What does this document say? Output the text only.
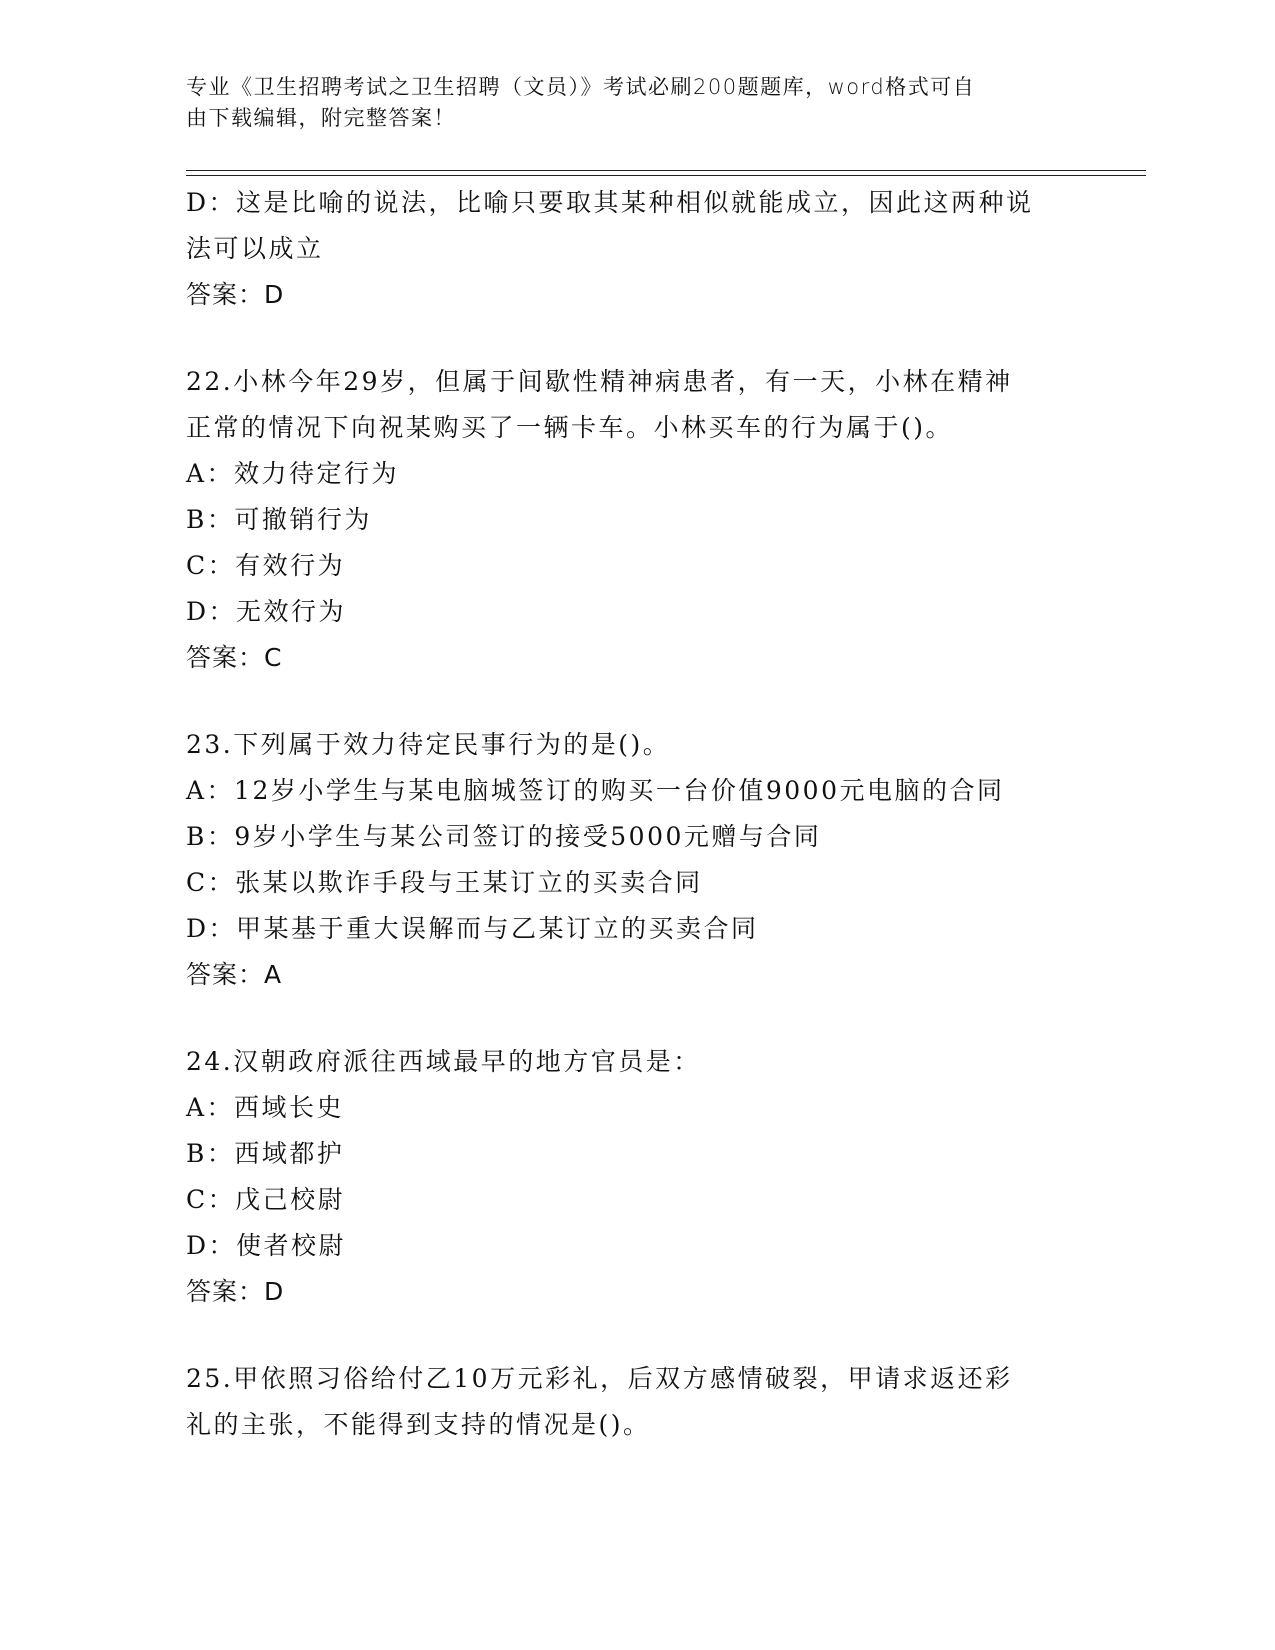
专业《卫生招聘考试之卫生招聘（文员）》考试必刷200题题库，word格式可自
由下载编辑，附完整答案！
D：这是比喻的说法，比喻只要取其某种相似就能成立，因此这两种说
法可以成立
答案：D
22.小林今年29岁，但属于间歇性精神病患者，有一天，小林在精神
正常的情况下向祝某购买了一辆卡车。小林买车的行为属于()。
A：效力待定行为
B：可撤销行为
C：有效行为
D：无效行为
答案：C
23.下列属于效力待定民事行为的是()。
A：12岁小学生与某电脑城签订的购买一台价值9000元电脑的合同
B：9岁小学生与某公司签订的接受5000元赠与合同
C：张某以欺诈手段与王某订立的买卖合同
D：甲某基于重大误解而与乙某订立的买卖合同
答案：A
24.汉朝政府派往西域最早的地方官员是：
A：西域长史
B：西域都护
C：戊己校尉
D：使者校尉
答案：D
25.甲依照习俗给付乙10万元彩礼，后双方感情破裂，甲请求返还彩
礼的主张，不能得到支持的情况是()。
